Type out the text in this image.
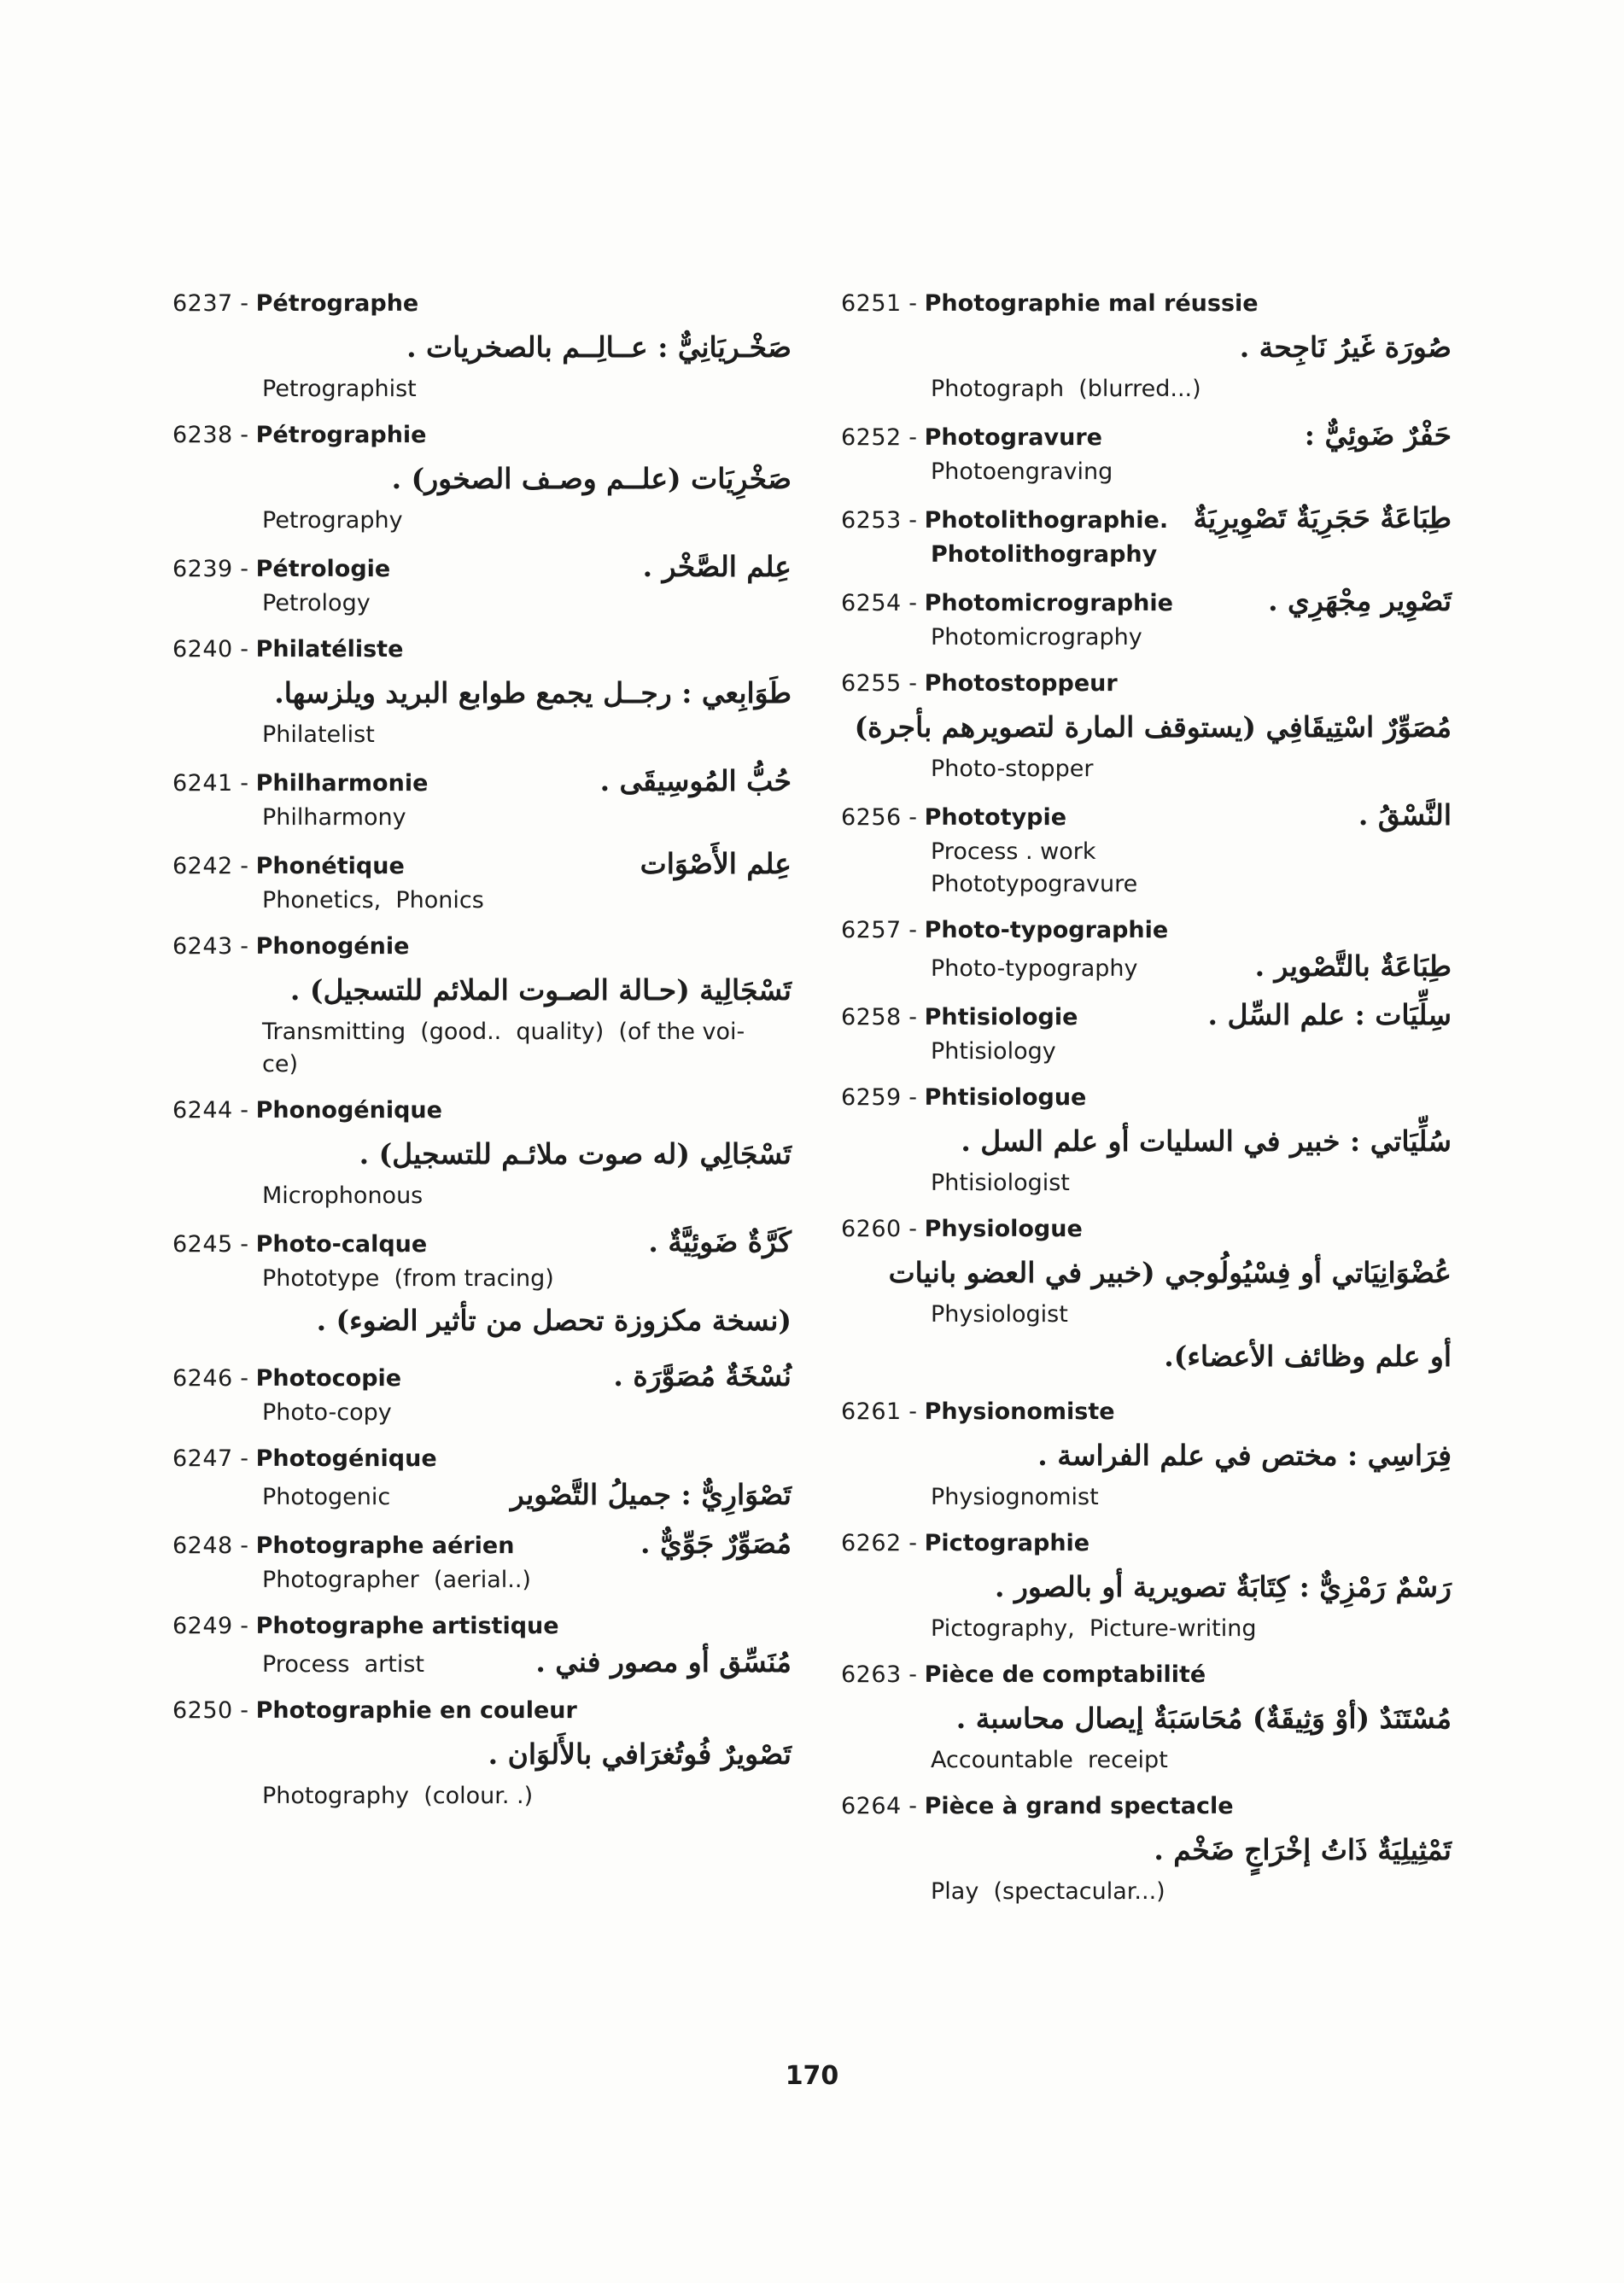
6237 - Pétrographe
صَخْـريَانِيٌّ : عــالِــم بالصخريات .
Petrographist
6238 - Pétrographie
صَخْرِيَات (علــم وصـف الصخور) .
Petrography
6239 - Pétrologie	عِلم الصَّخْر .
Petrology
6240 - Philatéliste
طَوَابِعي : رجــل يجمع طوابع البريد ويلزسها.
Philatelist
6241 - Philharmonie	حُبُّ المُوسِيقَى .
Philharmony
6242 - Phonétique	عِلم الأَصْوَات
Phonetics,  Phonics
6243 - Phonogénie
تَسْجَالِية (حـالة الصـوت الملائم للتسجيل) .
Transmitting  (good..  quality)  (of the voi-
ce)
6244 - Phonogénique
تَسْجَالِي (له صوت ملائـم للتسجيل) .
Microphonous
6245 - Photo-calque	كَرَّةٌ ضَوئِيَّةٌ .
Phototype  (from tracing)
(نسخة مكزوزة تحصل من تأثير الضوء) .
6246 - Photocopie	نُسْخَةٌ مُصَوَّرَة .
Photo-copy
6247 - Photogénique
Photogenic	تَصْوَارِيٌّ : جميلُ التَّصْوير
6248 - Photographe aérien	مُصَوِّرٌ جَوِّيٌّ .
Photographer  (aerial..)
6249 - Photographe artistique
Process  artist	مُنَسِّق أو مصور فني .
6250 - Photographie en couleur
تَصْويرٌ فُوتُغرَافي بالأَلوَان .
Photography  (colour. .)
6251 - Photographie mal réussie
صُورَة غَيرُ نَاجِحة .
Photograph  (blurred...)
6252 - Photogravure	حَفْرٌ ضَوئِيٌّ :
Photoengraving
6253 - Photolithographie. طِبَاعَةٌ حَجَرِيَةٌ تَصْوِيرِيَةٌ
Photolithography
6254 - Photomicrographie	تَصْوِير مِجْهَرِي .
Photomicrography
6255 - Photostoppeur
مُصَوِّرٌ اسْتِيقَافِي (يستوقف المارة لتصويرهم بأجرة)
Photo-stopper
6256 - Phototypie	النَّسْقُ .
Process . work
Phototypogravure
6257 - Photo-typographie
Photo-typography	طِبَاعَةٌ بالتَّصْوير .
6258 - Phtisiologie	سِلِّيَات : علم السِّل .
Phtisiology
6259 - Phtisiologue
سُلِّيَاتي : خبير في السليات أو علم السل .
Phtisiologist
6260 - Physiologue
عُضْوَانِيَاتي أو فِسْيُولُوجي (خبير في العضو بانيات
Physiologist
أو علم وظائف الأعضاء).
6261 - Physionomiste
فِرَاسِي : مختص في علم الفراسة .
Physiognomist
6262 - Pictographie
رَسْمٌ رَمْزِيٌّ : كِتَابَةٌ تصويرية أو بالصور .
Pictography,  Picture-writing
6263 - Pièce de comptabilité
مُسْتَنَدٌ (أوْ وَثِيقَةٌ) مُحَاسَبَةٌ إيصال محاسبة .
Accountable  receipt
6264 - Pièce à grand spectacle
تَمْثِيلِيَةٌ ذَاتُ إخْرَاجٍ ضَخْم .
Play  (spectacular...)
170
